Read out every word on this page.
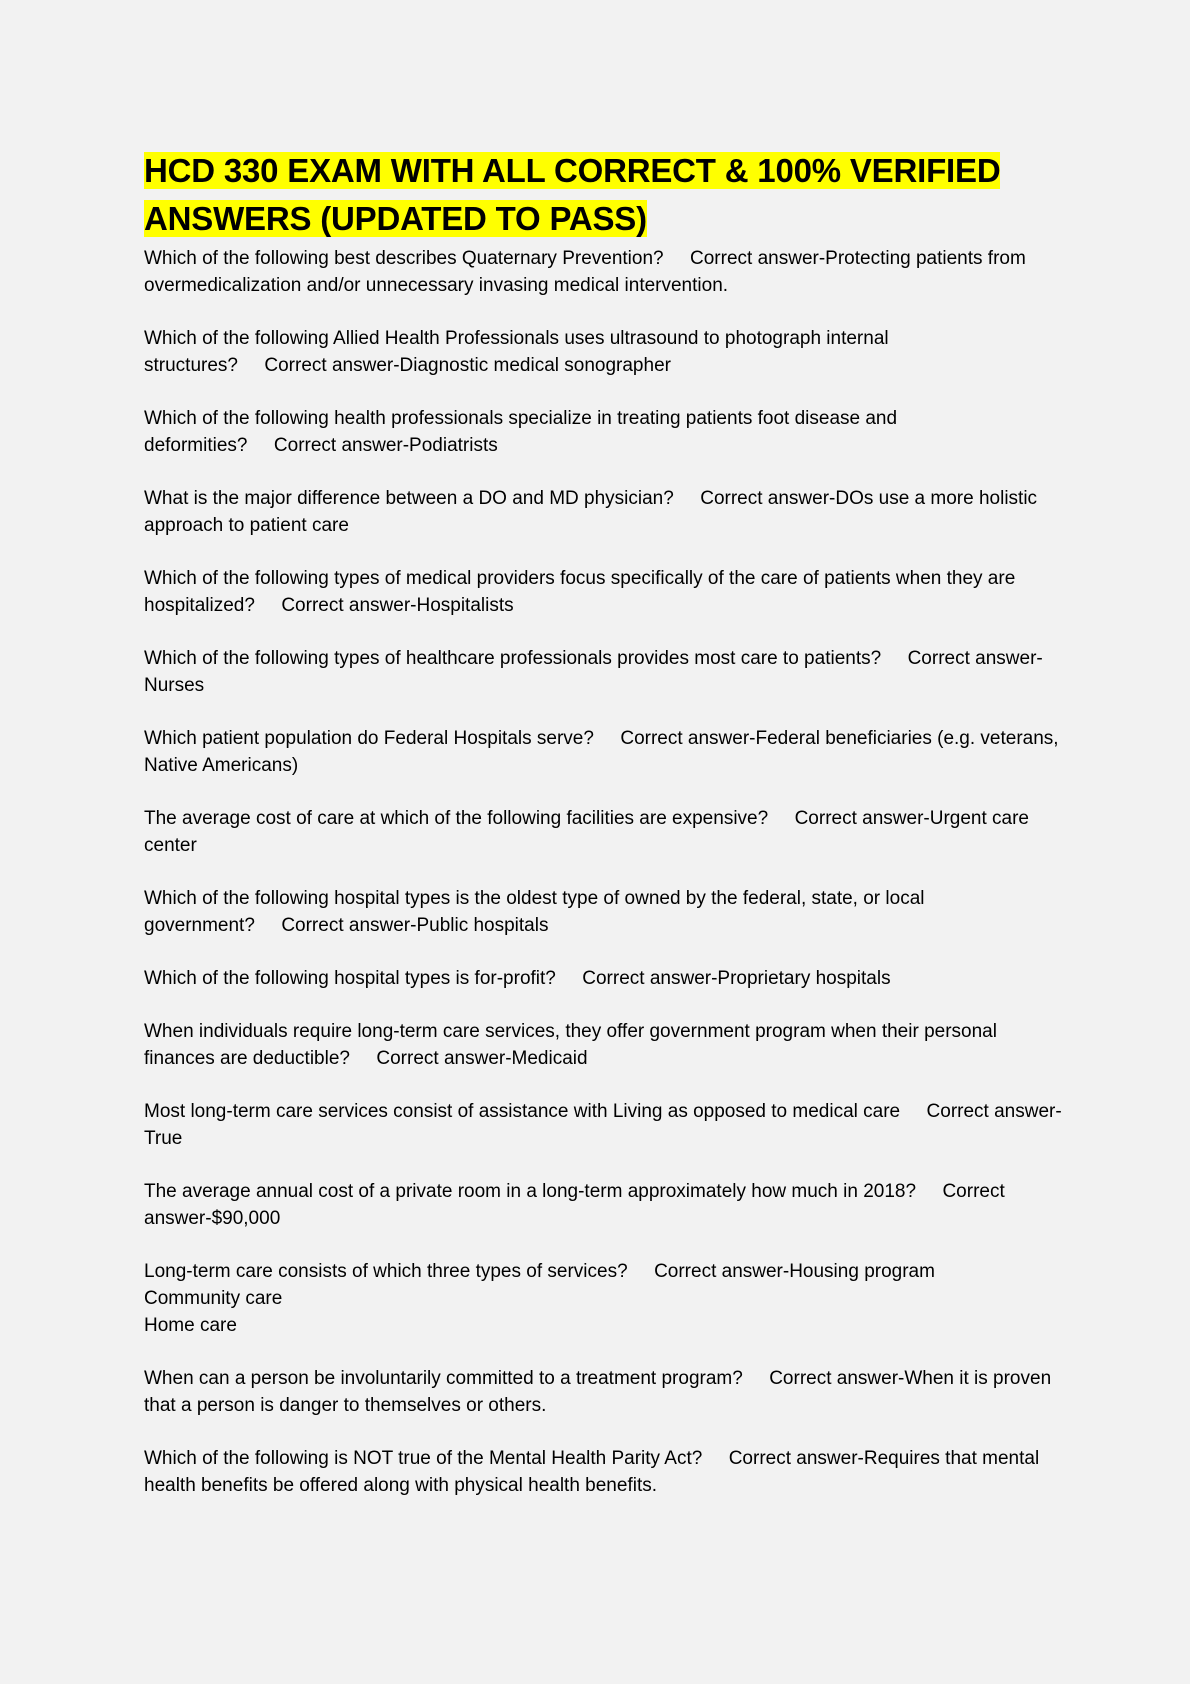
HCD 330 EXAM WITH ALL CORRECT & 100% VERIFIED ANSWERS (UPDATED TO PASS)
Which of the following best describes Quaternary Prevention? Correct answer-Protecting patients from overmedicalization and/or unnecessary invasing medical intervention.
Which of the following Allied Health Professionals uses ultrasound to photograph internal structures? Correct answer-Diagnostic medical sonographer
Which of the following health professionals specialize in treating patients foot disease and deformities? Correct answer-Podiatrists
What is the major difference between a DO and MD physician? Correct answer-DOs use a more holistic approach to patient care
Which of the following types of medical providers focus specifically of the care of patients when they are hospitalized? Correct answer-Hospitalists
Which of the following types of healthcare professionals provides most care to patients? Correct answer-Nurses
Which patient population do Federal Hospitals serve? Correct answer-Federal beneficiaries (e.g. veterans, Native Americans)
The average cost of care at which of the following facilities are expensive? Correct answer-Urgent care center
Which of the following hospital types is the oldest type of owned by the federal, state, or local government? Correct answer-Public hospitals
Which of the following hospital types is for-profit? Correct answer-Proprietary hospitals
When individuals require long-term care services, they offer government program when their personal finances are deductible? Correct answer-Medicaid
Most long-term care services consist of assistance with Living as opposed to medical care Correct answer-True
The average annual cost of a private room in a long-term approximately how much in 2018? Correct answer-$90,000
Long-term care consists of which three types of services? Correct answer-Housing program
Community care
Home care
When can a person be involuntarily committed to a treatment program? Correct answer-When it is proven that a person is danger to themselves or others.
Which of the following is NOT true of the Mental Health Parity Act? Correct answer-Requires that mental health benefits be offered along with physical health benefits.
